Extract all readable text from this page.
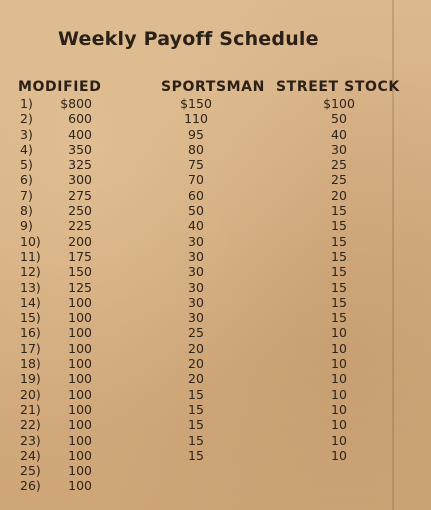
Weekly Payoff Schedule
MODIFIED	SPORTSMAN STREET STOCK
1)
2)
3)
4)
5)
6)
7)
8)
9)
10)
11)
12)
13)
14)
15)
16)
17)
18)
19)
20)
21)
22)
23)
24)
25)
26)
$800
600
400
350
325
300
275
250
225
200
175
150
125
100
100
100
100
100
100
100
100
100
100
100
100
100
$150
110
95
80
75
70
60
50
40
30
30
30
30
30
30
25
20
20
20
15
15
15
15
15
$100
50
40
30
25
25
20
15
15
15
15
15
15
15
15
10
10
10
10
10
10
10
10
10
